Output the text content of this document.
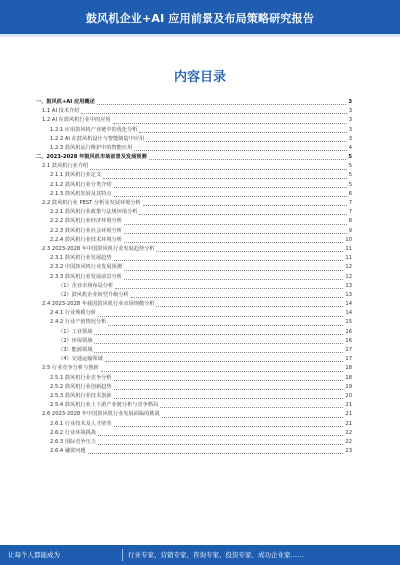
鼓风机企业+AI 应用前景及布局策略研究报告
内容目录
一、鼓风机+AI 应用概述	3
1.1 AI 技术介绍	3
1.2 AI 在鼓风机行业中的应用	3
1.2.1 应用鼓风机产业链中的优化分析	3
1.2.2 AI 在鼓风机设计与智能制造中应用	3
1.2.3 鼓风机运行维护中的智能应用	4
二、2023-2028 年鼓风机市场前景及发展预测	5
2.1 鼓风机行业介绍	5
2.1.1 鼓风机行业定义	5
2.1.2 鼓风机行业分类介绍	5
2.1.3 鼓风机发展及其特点	6
2.2 鼓风机行业 PEST 分析及发展环境分析	7
2.2.1 鼓风机行业政策与法规环境分析	7
2.2.2 鼓风机行业经济环境分析	8
2.2.3 鼓风机行业社会环境分析	9
2.2.4 鼓风机行业技术环境分析	10
2.3 2023-2028 年中国鼓风机行业发展趋势分析	11
2.3.1 鼓风机行业发展趋势	11
2.3.2 中国鼓风机行业发展预测	12
2.3.3 鼓风机行业发展前景分析	12
（1）企业市场布局分析	13
（2）鼓风机企业转型升级分析	13
2.4 2023-2028 年我国鼓风机行业市场规模分析	14
2.4.1 行业规模分析	14
2.4.2 行业产值情况分析	15
（1）工业领域	16
（2）环保领域	16
（3）能源领域	17
（4）交通运输领域	17
2.5 行业竞争分析与创新	18
2.5.1 鼓风机行业竞争分析	18
2.5.2 鼓风机行业创新趋势	19
2.5.3 鼓风机行业技术创新	20
2.5.4 鼓风机行业上下游产业链分析与竞争格局	21
2.6 2023-2028 年中国鼓风机行业发展面临的挑战	21
2.6.1 行业技术及人才壁垒	21
2.6.2 行业环境挑战	22
2.6.3 国际竞争压力	22
2.6.4 融资问题	23
让每个人都能成为	行业专家、营销专家、咨询专家、投资专家、成功企业家……
